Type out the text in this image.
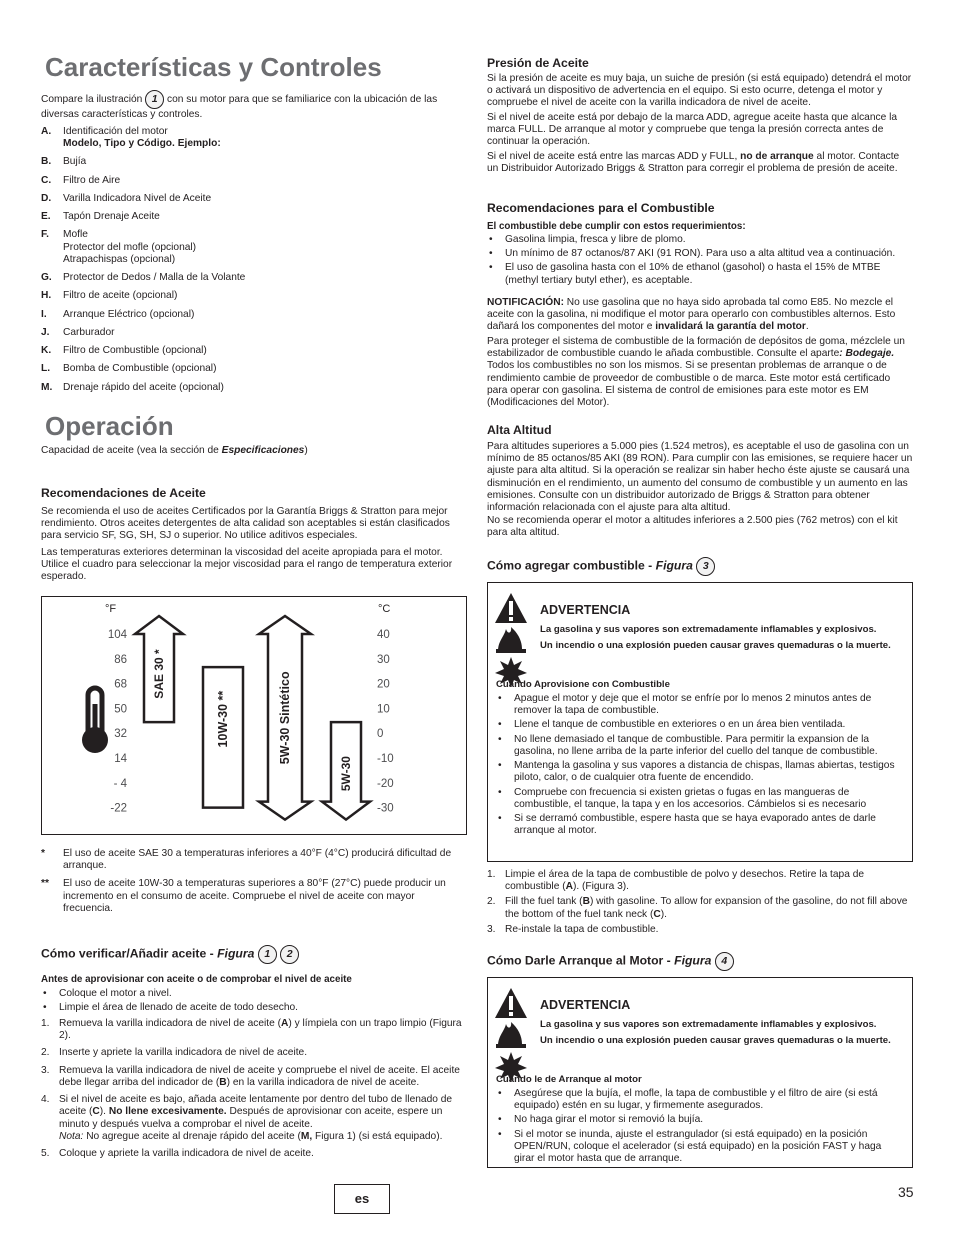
Características y Controles

Compare la ilustración 1 con su motor para que se familiarice con la ubicación de las diversas características y controles.

A. Identificación del motor
Modelo, Tipo y Código. Ejemplo:
B. Bujía
C. Filtro de Aire
D. Varilla Indicadora Nivel de Aceite
E. Tapón Drenaje Aceite
F. Mofle
Protector del mofle (opcional)
Atrapachispas (opcional)
G. Protector de Dedos / Malla de la Volante
H. Filtro de aceite (opcional)
I. Arranque Eléctrico (opcional)
J. Carburador
K. Filtro de Combustible (opcional)
L. Bomba de Combustible (opcional)
M. Drenaje rápido del aceite (opcional)
Operación

Capacidad de aceite (vea la sección de Especificaciones)

Recomendaciones de Aceite

Se recomienda el uso de aceites Certificados por la Garantía Briggs & Stratton para mejor rendimiento. Otros aceites detergentes de alta calidad son aceptables si están clasificados para servicio SF, SG, SH, SJ o superior. No utilice aditivos especiales.

Las temperaturas exteriores determinan la viscosidad del aceite apropiada para el motor. Utilice el cuadro para seleccionar la mejor viscosidad para el rango de temperatura exterior esperado.

°F	°C
104
86
68
50
32
14
- 4
-22
40
30
20
10
0
-10
-20
-30
SAE 30 *
10W-30 **	5W-30 Sintético
5W-30
* El uso de aceite SAE 30 a temperaturas inferiores a 40°F (4°C) producirá dificultad de arranque.
** El uso de aceite 10W-30 a temperaturas superiores a 80°F (27°C) puede producir un incremento en el consumo de aceite. Compruebe el nivel de aceite con mayor frecuencia.
Cómo verificar/Añadir aceite - Figura 1 2

Antes de aprovisionar con aceite o de comprobar el nivel de aceite

• Coloque el motor a nivel.
• Limpie el área de llenado de aceite de todo desecho.
1. Remueva la varilla indicadora de nivel de aceite (A) y límpiela con un trapo limpio (Figura 2).
2. Inserte y apriete la varilla indicadora de nivel de aceite.
3. Remueva la varilla indicadora de nivel de aceite y compruebe el nivel de aceite. El aceite debe llegar arriba del indicador de (B) en la varilla indicadora de nivel de aceite.
4. Si el nivel de aceite es bajo, añada aceite lentamente por dentro del tubo de llenado de aceite (C). No llene excesivamente. Después de aprovisionar con aceite, espere un minuto y después vuelva a comprobar el nivel de aceite.
Nota: No agregue aceite al drenaje rápido del aceite (M, Figura 1) (si está equipado).
5. Coloque y apriete la varilla indicadora de nivel de aceite.
Presión de Aceite

Si la presión de aceite es muy baja, un suiche de presión (si está equipado) detendrá el motor o activará un dispositivo de advertencia en el equipo. Si esto ocurre, detenga el motor y compruebe el nivel de aceite con la varilla indicadora de nivel de aceite.

Si el nivel de aceite está por debajo de la marca ADD, agregue aceite hasta que alcance la marca FULL. De arranque al motor y compruebe que tenga la presión correcta antes de continuar la operación.

Si el nivel de aceite está entre las marcas ADD y FULL, no de arranque al motor. Contacte un Distribuidor Autorizado Briggs & Stratton para corregir el problema de presión de aceite.

Recomendaciones para el Combustible

El combustible debe cumplir con estos requerimientos:

• Gasolina limpia, fresca y libre de plomo.
• Un mínimo de 87 octanos/87 AKI (91 RON). Para uso a alta altitud vea a continuación.
• El uso de gasolina hasta con el 10% de ethanol (gasohol) o hasta el 15% de MTBE (methyl tertiary butyl ether), es aceptable.

NOTIFICACIÓN: No use gasolina que no haya sido aprobada tal como E85. No mezcle el aceite con la gasolina, ni modifique el motor para operarlo con combustibles alternos. Esto dañará los componentes del motor e invalidará la garantía del motor.

Para proteger el sistema de combustible de la formación de depósitos de goma, mézclele un estabilizador de combustible cuando le añada combustible. Consulte el aparte: Bodegaje. Todos los combustibles no son los mismos. Si se presentan problemas de arranque o de rendimiento cambie de proveedor de combustible o de marca. Este motor está certificado para operar con gasolina. El sistema de control de emisiones para este motor es EM (Modificaciones del Motor).

Alta Altitud

Para altitudes superiores a 5.000 pies (1.524 metros), es aceptable el uso de gasolina con un mínimo de 85 octanos/85 AKI (89 RON). Para cumplir con las emisiones, se requiere hacer un ajuste para alta altitud. Si la operación se realizar sin haber hecho éste ajuste se causará una disminución en el rendimiento, un aumento del consumo de combustible y un aumento en las emisiones. Consulte con un distribuidor autorizado de Briggs & Stratton para obtener información relacionada con el ajuste para alta altitud.

No se recomienda operar el motor a altitudes inferiores a 2.500 pies (762 metros) con el kit para alta altitud.

Cómo agregar combustible - Figura 3
ADVERTENCIA

La gasolina y sus vapores son extremadamente inflamables y explosivos.

Un incendio o una explosión pueden causar graves quemaduras o la muerte.

Cuando Aprovisione con Combustible

• Apague el motor y deje que el motor se enfríe por lo menos 2 minutos antes de remover la tapa de combustible.
• Llene el tanque de combustible en exteriores o en un área bien ventilada.
• No llene demasiado el tanque de combustible. Para permitir la expansion de la gasolina, no llene arriba de la parte inferior del cuello del tanque de combustible.
• Mantenga la gasolina y sus vapores a distancia de chispas, llamas abiertas, testigos piloto, calor, o de cualquier otra fuente de encendido.
• Compruebe con frecuencia si existen grietas o fugas en las mangueras de combustible, el tanque, la tapa y en los accesorios. Cámbielos si es necesario
• Si se derramó combustible, espere hasta que se haya evaporado antes de darle arranque al motor.
1. Limpie el área de la tapa de combustible de polvo y desechos. Retire la tapa de combustible (A). (Figura 3).
2. Fill the fuel tank (B) with gasoline. To allow for expansion of the gasoline, do not fill above the bottom of the fuel tank neck (C).
3. Re-instale la tapa de combustible.
Cómo Darle Arranque al Motor - Figura 4
ADVERTENCIA

La gasolina y sus vapores son extremadamente inflamables y explosivos.

Un incendio o una explosión pueden causar graves quemaduras o la muerte.

Cuando le de Arranque al motor

• Asegúrese que la bujía, el mofle, la tapa de combustible y el filtro de aire (si está equipado) estén en su lugar, y firmemente asegurados.
• No haga girar el motor si removió la bujía.
• Si el motor se inunda, ajuste el estrangulador (si está equipado) en la posición OPEN/RUN, coloque el acelerador (si está equipado) en la posición FAST y haga girar el motor hasta que de arranque.
es	35
